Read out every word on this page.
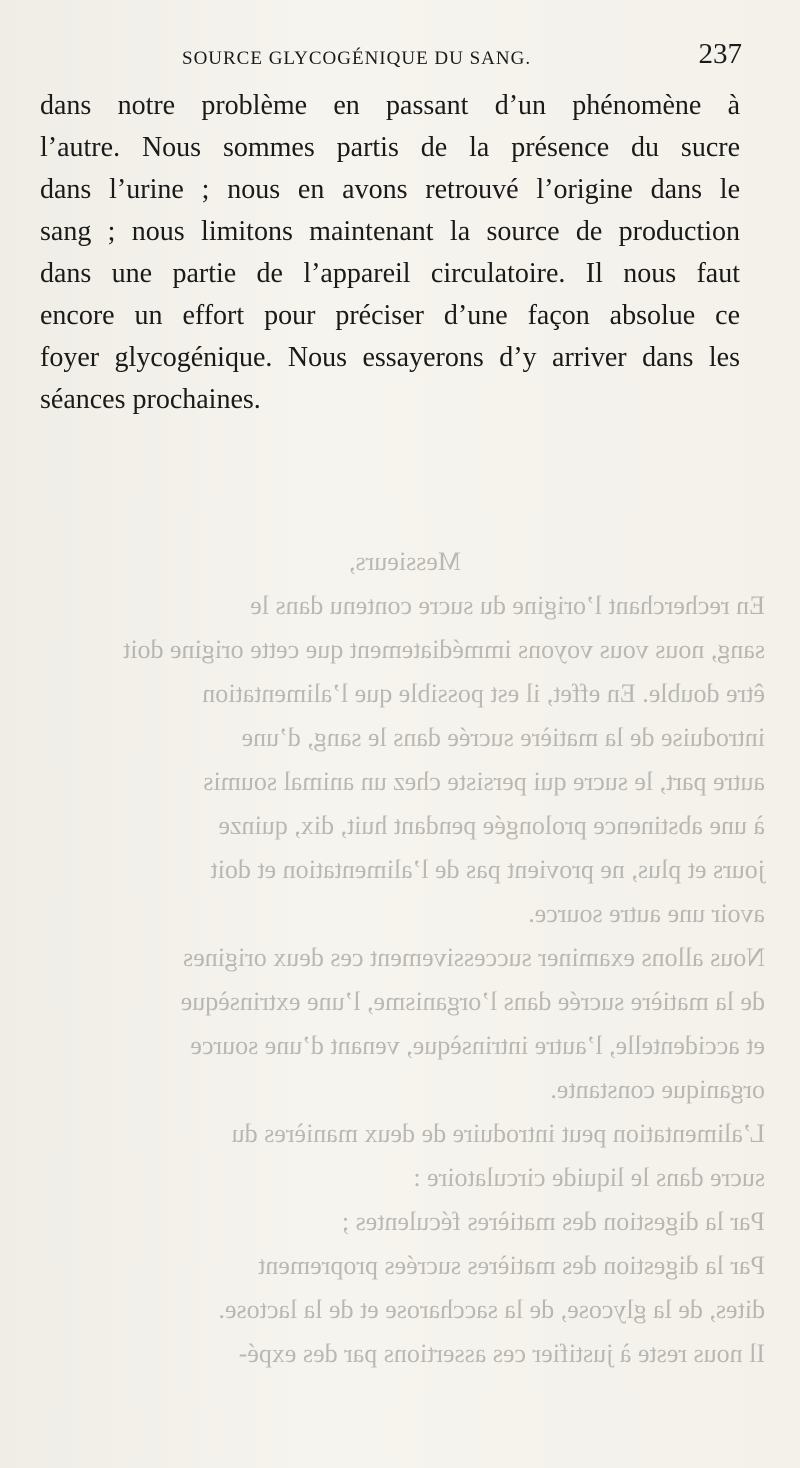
SOURCE GLYCOGÉNIQUE DU SANG.	237
dans notre problème en passant d’un phénomène à
l’autre. Nous sommes partis de la présence du sucre
dans l’urine ; nous en avons retrouvé l’origine dans le
sang ; nous limitons maintenant la source de production
dans une partie de l’appareil circulatoire. Il nous faut
encore un effort pour préciser d’une façon absolue ce
foyer glycogénique. Nous essayerons d’y arriver dans les
séances prochaines.
Messieurs,
En recherchant l’origine du sucre contenu dans le
sang, nous vous voyons immédiatement que cette origine doit
être double. En effet, il est possible que l’alimentation
introduise de la matière sucrée dans le sang, d’une
autre part, le sucre qui persiste chez un animal soumis
à une abstinence prolongée pendant huit, dix, quinze
jours et plus, ne provient pas de l’alimentation et doit
avoir une autre source.
Nous allons examiner successivement ces deux origines
de la matière sucrée dans l’organisme, l’une extrinsèque
et accidentelle, l’autre intrinsèque, venant d’une source
organique constante.
L’alimentation peut introduire de deux manières du
sucre dans le liquide circulatoire :
Par la digestion des matières féculentes ;
Par la digestion des matières sucrées proprement
dites, de la glycose, de la saccharose et de la lactose.
Il nous reste à justifier ces assertions par des expé-
